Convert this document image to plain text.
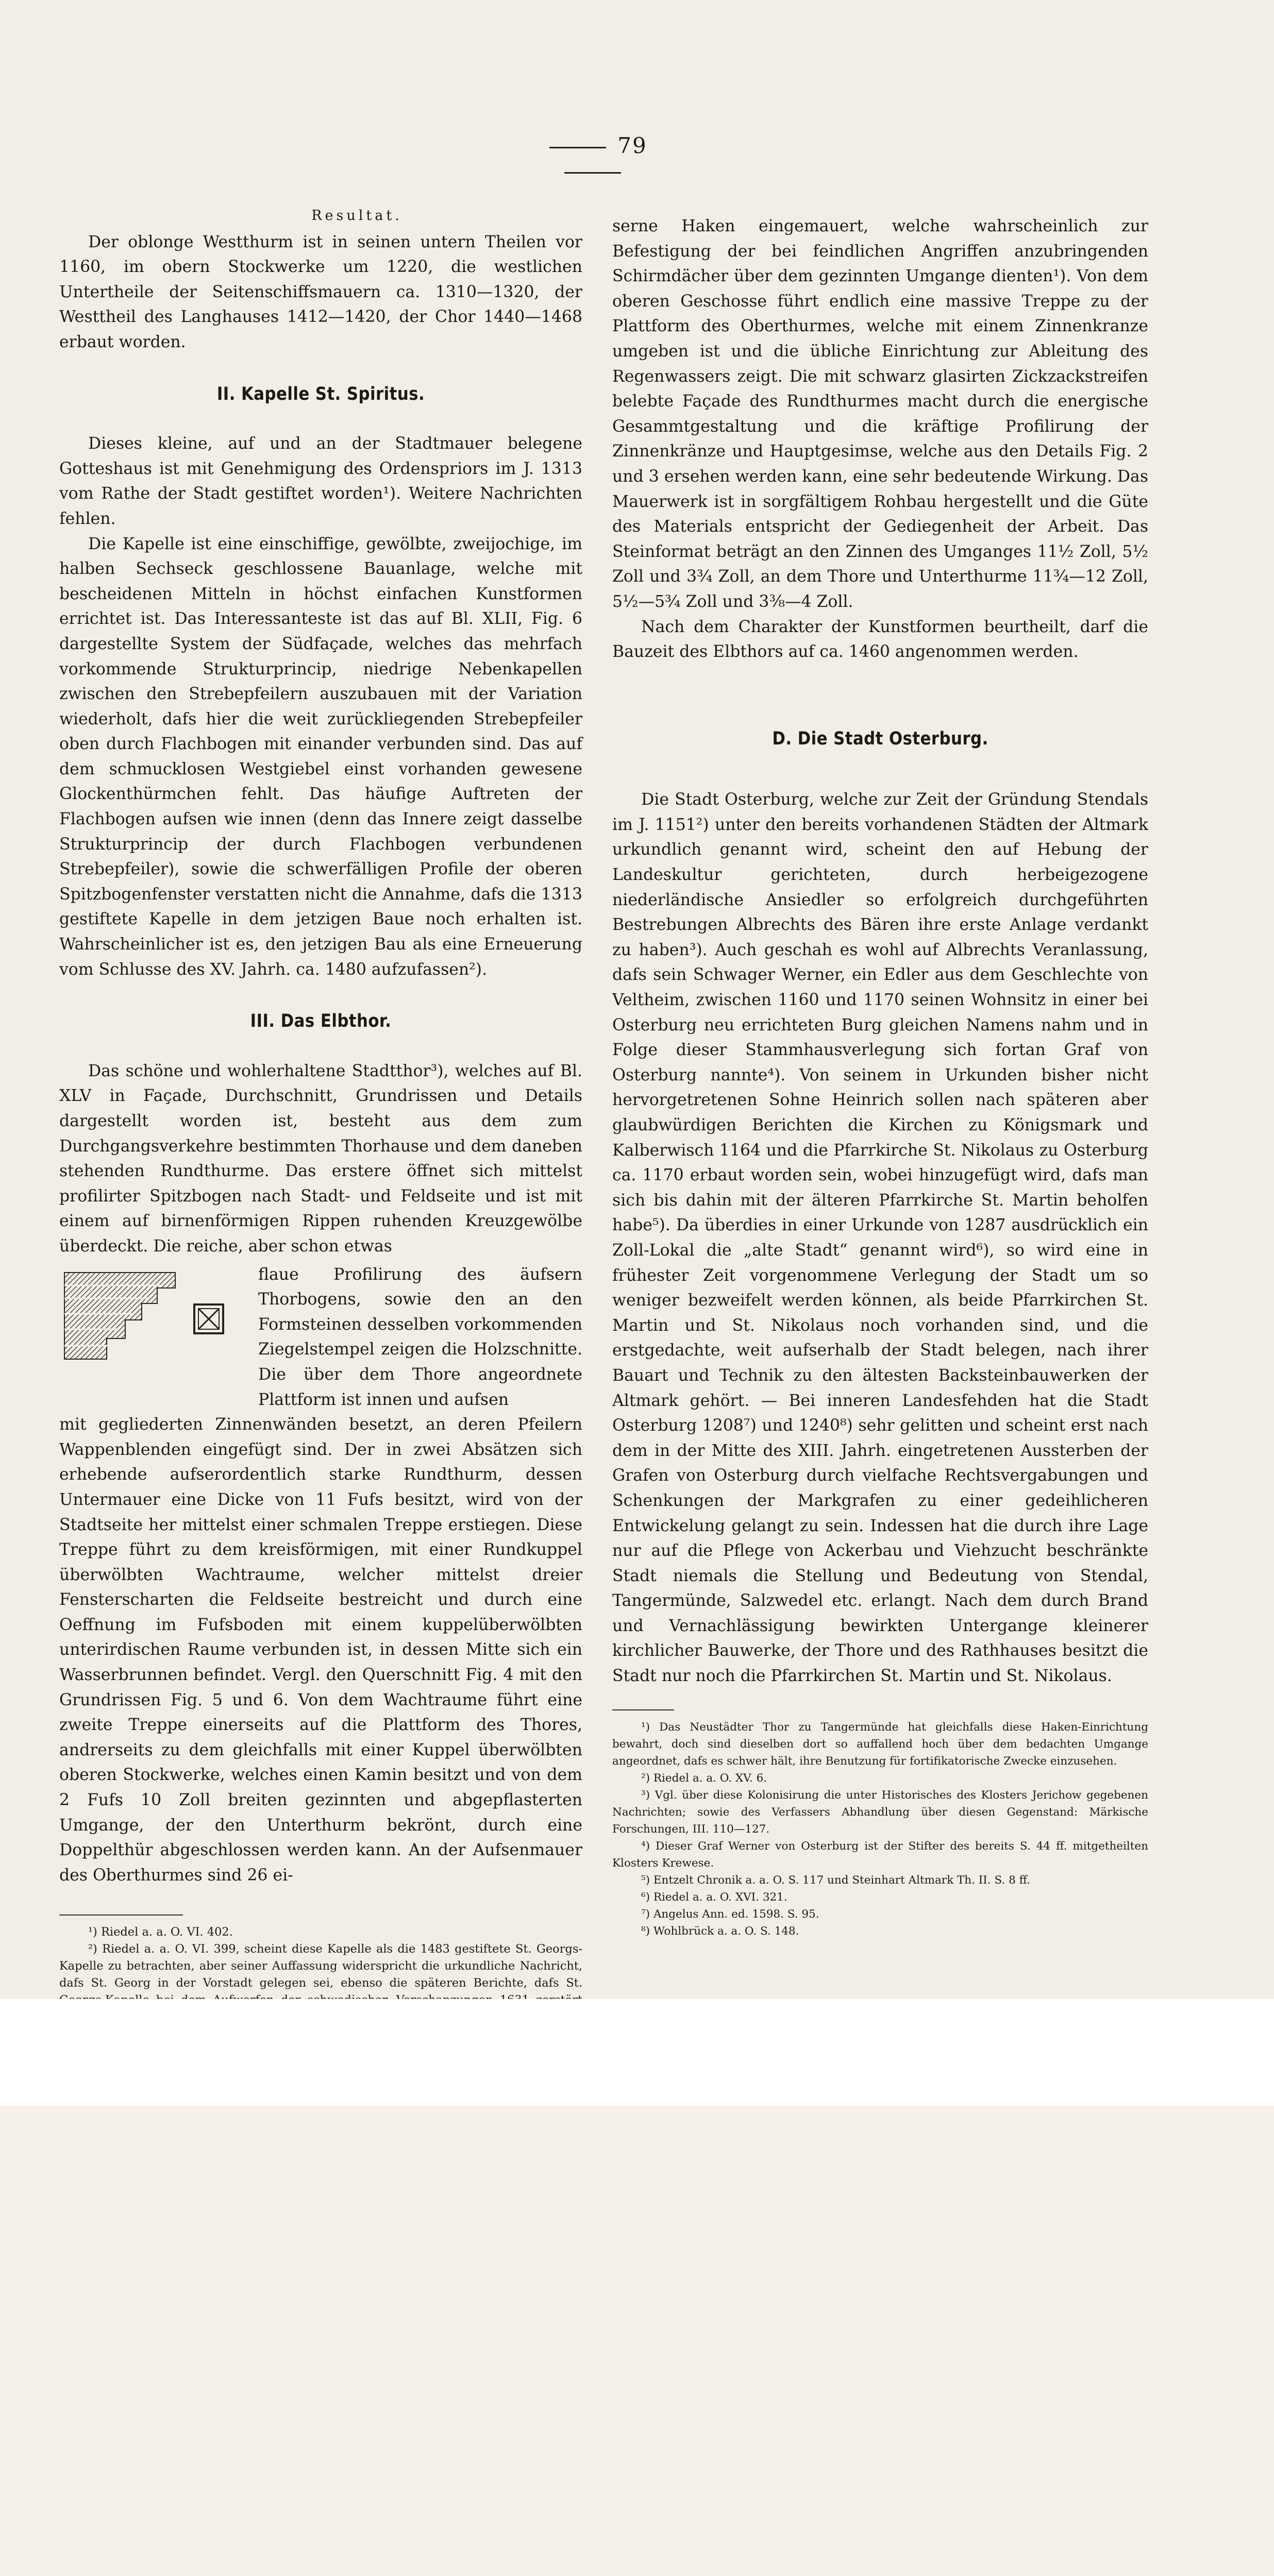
79
Resultat.

Der oblonge Westthurm ist in seinen untern Theilen vor 1160, im obern Stockwerke um 1220, die westlichen Untertheile der Seitenschiffsmauern ca. 1310—1320, der Westtheil des Langhauses 1412—1420, der Chor 1440—1468 erbaut worden.

II. Kapelle St. Spiritus.

Dieses kleine, auf und an der Stadtmauer belegene Gotteshaus ist mit Genehmigung des Ordenspriors im J. 1313 vom Rathe der Stadt gestiftet worden¹). Weitere Nachrichten fehlen.

Die Kapelle ist eine einschiffige, gewölbte, zweijochige, im halben Sechseck geschlossene Bauanlage, welche mit bescheidenen Mitteln in höchst einfachen Kunstformen errichtet ist. Das Interessanteste ist das auf Bl. XLII, Fig. 6 dargestellte System der Südfaçade, welches das mehrfach vorkommende Strukturprincip, niedrige Nebenkapellen zwischen den Strebepfeilern auszubauen mit der Variation wiederholt, dafs hier die weit zurückliegenden Strebepfeiler oben durch Flachbogen mit einander verbunden sind. Das auf dem schmucklosen Westgiebel einst vorhanden gewesene Glockenthürmchen fehlt. Das häufige Auftreten der Flachbogen aufsen wie innen (denn das Innere zeigt dasselbe Strukturprincip der durch Flachbogen verbundenen Strebepfeiler), sowie die schwerfälligen Profile der oberen Spitzbogenfenster verstatten nicht die Annahme, dafs die 1313 gestiftete Kapelle in dem jetzigen Baue noch erhalten ist. Wahrscheinlicher ist es, den jetzigen Bau als eine Erneuerung vom Schlusse des XV. Jahrh. ca. 1480 aufzufassen²).

III. Das Elbthor.

Das schöne und wohlerhaltene Stadtthor³), welches auf Bl. XLV in Façade, Durchschnitt, Grundrissen und Details dargestellt worden ist, besteht aus dem zum Durchgangsverkehre bestimmten Thorhause und dem daneben stehenden Rundthurme. Das erstere öffnet sich mittelst profilirter Spitzbogen nach Stadt- und Feldseite und ist mit einem auf birnenförmigen Rippen ruhenden Kreuzgewölbe überdeckt. Die reiche, aber schon etwas

flaue Profilirung des äufsern Thorbogens, sowie den an den Formsteinen desselben vorkommenden Ziegelstempel zeigen die Holzschnitte. Die über dem Thore angeordnete Plattform ist innen und aufsen

mit gegliederten Zinnenwänden besetzt, an deren Pfeilern Wappenblenden eingefügt sind. Der in zwei Absätzen sich erhebende aufserordentlich starke Rundthurm, dessen Untermauer eine Dicke von 11 Fufs besitzt, wird von der Stadtseite her mittelst einer schmalen Treppe erstiegen. Diese Treppe führt zu dem kreisförmigen, mit einer Rundkuppel überwölbten Wachtraume, welcher mittelst dreier Fensterscharten die Feldseite bestreicht und durch eine Oeffnung im Fufsboden mit einem kuppelüberwölbten unterirdischen Raume verbunden ist, in dessen Mitte sich ein Wasserbrunnen befindet. Vergl. den Querschnitt Fig. 4 mit den Grundrissen Fig. 5 und 6. Von dem Wachtraume führt eine zweite Treppe einerseits auf die Plattform des Thores, andrerseits zu dem gleichfalls mit einer Kuppel überwölbten oberen Stockwerke, welches einen Kamin besitzt und von dem 2 Fufs 10 Zoll breiten gezinnten und abgepflasterten Umgange, der den Unterthurm bekrönt, durch eine Doppelthür abgeschlossen werden kann. An der Aufsenmauer des Oberthurmes sind 26 ei-

¹) Riedel a. a. O. VI. 402.

²) Riedel a. a. O. VI. 399, scheint diese Kapelle als die 1483 gestiftete St. Georgs-Kapelle zu betrachten, aber seiner Auffassung widerspricht die urkundliche Nachricht, dafs St. Georg in der Vorstadt gelegen sei, ebenso die späteren Berichte, dafs St.

serne Haken eingemauert, welche wahrscheinlich zur Befestigung der bei feindlichen Angriffen anzubringenden Schirmdächer über dem gezinnten Umgange dienten¹). Von dem oberen Geschosse führt endlich eine massive Treppe zu der Plattform des Oberthurmes, welche mit einem Zinnenkranze umgeben ist und die übliche Einrichtung zur Ableitung des Regenwassers zeigt. Die mit schwarz glasirten Zickzackstreifen belebte Façade des Rundthurmes macht durch die energische Gesammtgestaltung und die kräftige Profilirung der Zinnenkränze und Hauptgesimse, welche aus den Details Fig. 2 und 3 ersehen werden kann, eine sehr bedeutende Wirkung. Das Mauerwerk ist in sorgfältigem Rohbau hergestellt und die Güte des Materials entspricht der Gediegenheit der Arbeit. Das Steinformat beträgt an den Zinnen des Umganges 11½ Zoll, 5½ Zoll und 3¾ Zoll, an dem Thore und Unterthurme 11¾—12 Zoll, 5½—5¾ Zoll und 3⅜—4 Zoll.

Nach dem Charakter der Kunstformen beurtheilt, darf die Bauzeit des Elbthors auf ca. 1460 angenommen werden.

D. Die Stadt Osterburg.

Die Stadt Osterburg, welche zur Zeit der Gründung Stendals im J. 1151²) unter den bereits vorhandenen Städten der Altmark urkundlich genannt wird, scheint den auf Hebung der Landeskultur gerichteten, durch herbeigezogene niederländische Ansiedler so erfolgreich durchgeführten Bestrebungen Albrechts des Bären ihre erste Anlage verdankt zu haben³). Auch geschah es wohl auf Albrechts Veranlassung, dafs sein Schwager Werner, ein Edler aus dem Geschlechte von Veltheim, zwischen 1160 und 1170 seinen Wohnsitz in einer bei Osterburg neu errichteten Burg gleichen Namens nahm und in Folge dieser Stammhausverlegung sich fortan Graf von Osterburg nannte⁴). Von seinem in Urkunden bisher nicht hervorgetretenen Sohne Heinrich sollen nach späteren aber glaubwürdigen Berichten die Kirchen zu Königsmark und Kalberwisch 1164 und die Pfarrkirche St. Nikolaus zu Osterburg ca. 1170 erbaut worden sein, wobei hinzugefügt wird, dafs man sich bis dahin mit der älteren Pfarrkirche St. Martin beholfen habe⁵). Da überdies in einer Urkunde von 1287 ausdrücklich ein Zoll-Lokal die „alte Stadt“ genannt wird⁶), so wird eine in frühester Zeit vorgenommene Verlegung der Stadt um so weniger bezweifelt werden können, als beide Pfarrkirchen St. Martin und St. Nikolaus noch vorhanden sind, und die erstgedachte, weit aufserhalb der Stadt belegen, nach ihrer Bauart und Technik zu den ältesten Backsteinbauwerken der Altmark gehört. — Bei inneren Landesfehden hat die Stadt Osterburg 1208⁷) und 1240⁸) sehr gelitten und scheint erst nach dem in der Mitte des XIII. Jahrh. eingetretenen Aussterben der Grafen von Osterburg durch vielfache Rechtsvergabungen und Schenkungen der Markgrafen zu einer gedeihlicheren Entwickelung gelangt zu sein. Indessen hat die durch ihre Lage nur auf die Pflege von Ackerbau und Viehzucht beschränkte Stadt niemals die Stellung und Bedeutung von Stendal, Tangermünde, Salzwedel etc. erlangt. Nach dem durch Brand und Vernachlässigung bewirkten Untergange kleinerer kirchlicher Bauwerke, der Thore und des Rathhauses besitzt die Stadt nur noch die Pfarrkirchen St. Martin und St. Nikolaus.

¹) Das Neustädter Thor zu Tangermünde hat gleichfalls diese Haken-Einrichtung bewahrt, doch sind dieselben dort so auffallend hoch über dem bedachten Umgange angeordnet, dafs es schwer hält, ihre Benutzung für fortifikatorische Zwecke einzusehen.

²) Riedel a. a. O. XV. 6.

³) Vgl. über diese Kolonisirung die unter Historisches des Klosters Jerichow gegebenen Nachrichten; sowie des Verfassers Abhandlung über diesen Gegenstand: Märkische Forschungen, III. 110—127.

⁴) Dieser Graf Werner von Osterburg ist der Stifter des bereits S. 44 ff. mitgetheilten Klosters Krewese.

⁵) Entzelt Chronik a. a. O. S. 117 und Steinhart Altmark Th. II. S. 8 ff.

⁶) Riedel a. a. O. XVI. 321.

⁷) Angelus Ann. ed. 1598. S. 95.

⁸) Wohlbrück a. a. O. S. 148.
